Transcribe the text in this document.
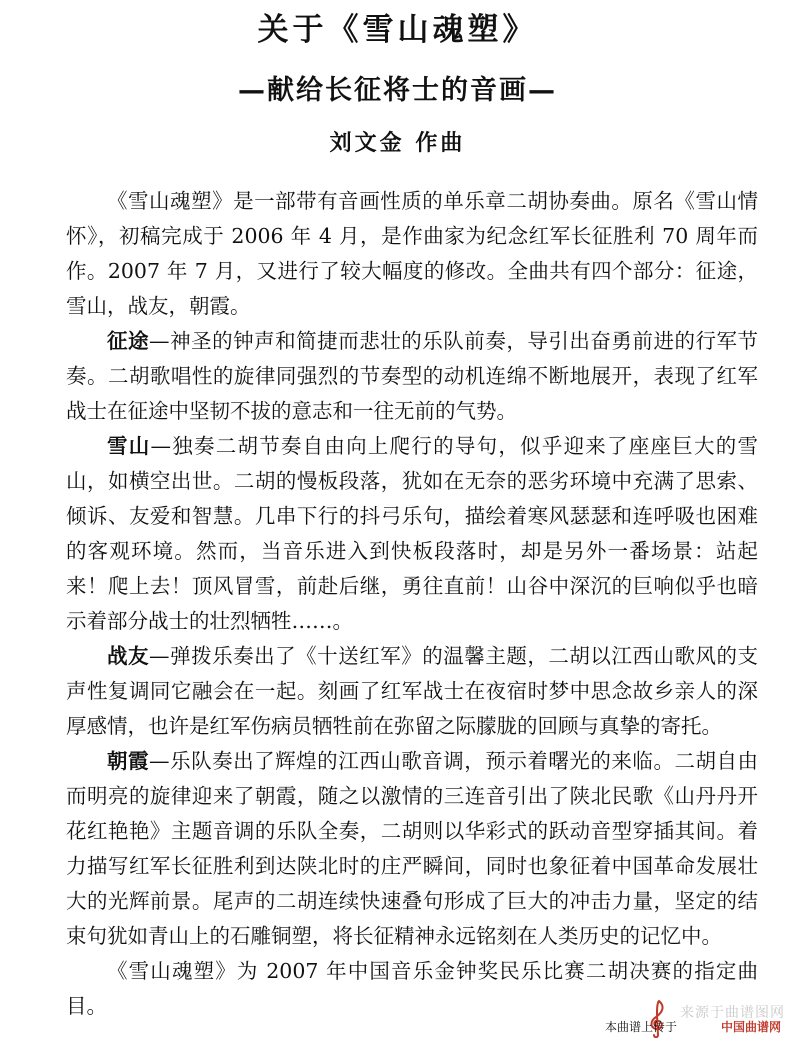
关于《雪山魂塑》
—献给长征将士的音画—
刘文金 作曲

《雪山魂塑》是一部带有音画性质的单乐章二胡协奏曲。原名《雪山情怀》，初稿完成于 2006 年 4 月，是作曲家为纪念红军长征胜利 70 周年而作。2007 年 7 月，又进行了较大幅度的修改。全曲共有四个部分：征途，雪山，战友，朝霞。

征途—神圣的钟声和简捷而悲壮的乐队前奏，导引出奋勇前进的行军节奏。二胡歌唱性的旋律同强烈的节奏型的动机连绵不断地展开，表现了红军战士在征途中坚韧不拔的意志和一往无前的气势。

雪山—独奏二胡节奏自由向上爬行的导句，似乎迎来了座座巨大的雪山，如横空出世。二胡的慢板段落，犹如在无奈的恶劣环境中充满了思索、倾诉、友爱和智慧。几串下行的抖弓乐句，描绘着寒风瑟瑟和连呼吸也困难的客观环境。然而，当音乐进入到快板段落时，却是另外一番场景：站起来！爬上去！顶风冒雪，前赴后继，勇往直前！山谷中深沉的巨响似乎也暗示着部分战士的壮烈牺牲……。

战友—弹拨乐奏出了《十送红军》的温馨主题，二胡以江西山歌风的支声性复调同它融会在一起。刻画了红军战士在夜宿时梦中思念故乡亲人的深厚感情，也许是红军伤病员牺牲前在弥留之际朦胧的回顾与真挚的寄托。

朝霞—乐队奏出了辉煌的江西山歌音调，预示着曙光的来临。二胡自由而明亮的旋律迎来了朝霞，随之以激情的三连音引出了陕北民歌《山丹丹开花红艳艳》主题音调的乐队全奏，二胡则以华彩式的跃动音型穿插其间。着力描写红军长征胜利到达陕北时的庄严瞬间，同时也象征着中国革命发展壮大的光辉前景。尾声的二胡连续快速叠句形成了巨大的冲击力量，坚定的结束句犹如青山上的石雕铜塑，将长征精神永远铭刻在人类历史的记忆中。

《雪山魂塑》为 2007 年中国音乐金钟奖民乐比赛二胡决赛的指定曲目。	来源于曲谱图网
本曲谱上传于	中国曲谱网
